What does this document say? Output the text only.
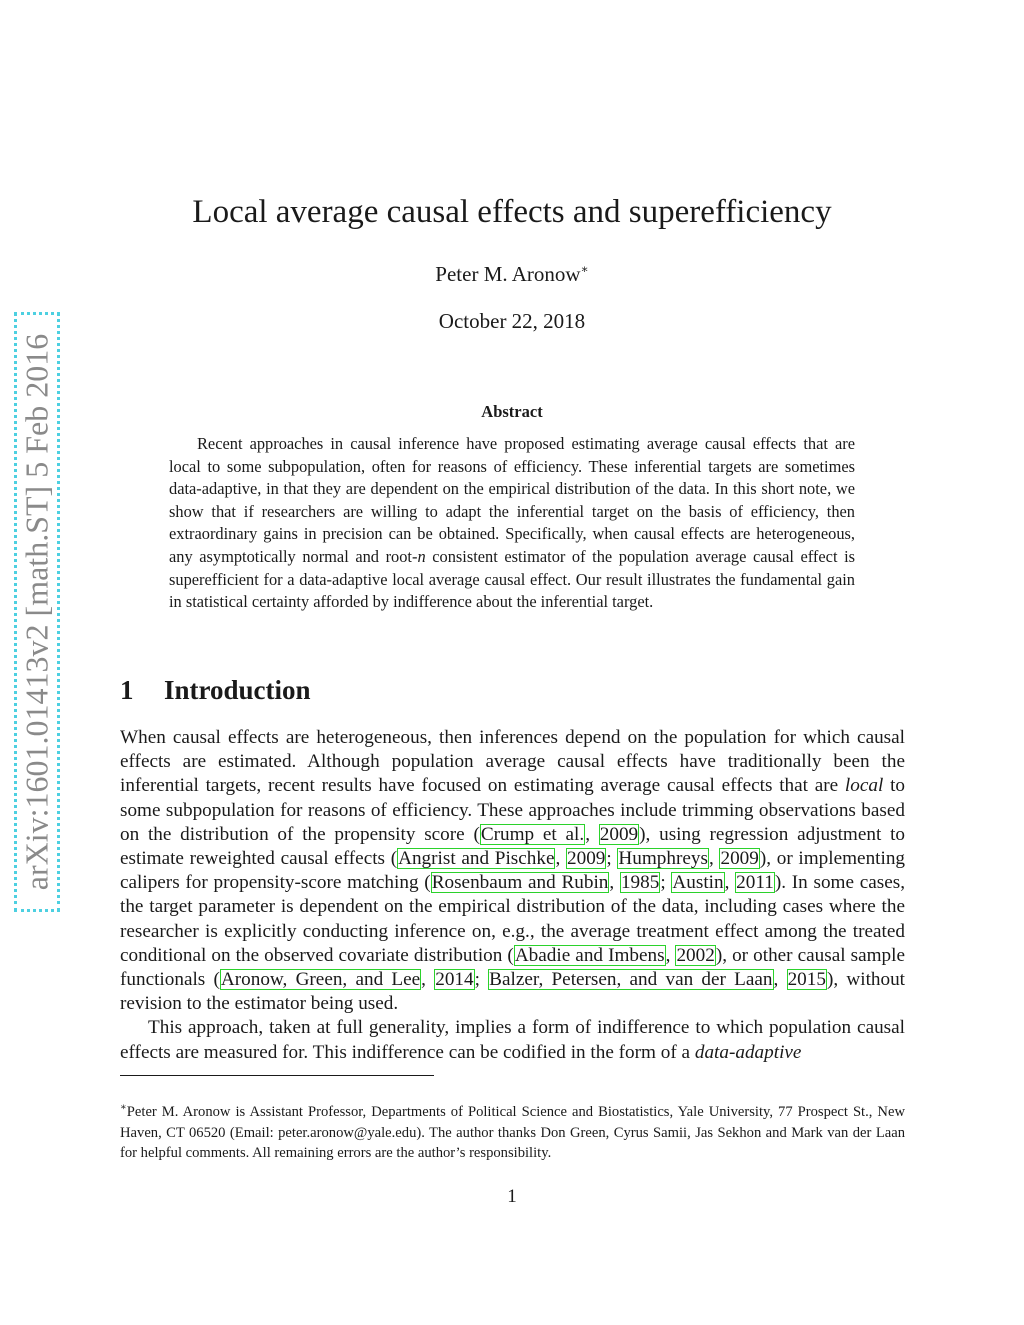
arXiv:1601.01413v2 [math.ST] 5 Feb 2016
Local average causal effects and superefficiency
Peter M. Aronow∗
October 22, 2018
Abstract
Recent approaches in causal inference have proposed estimating average causal effects that are local to some subpopulation, often for reasons of efficiency. These inferential targets are sometimes data-adaptive, in that they are dependent on the empirical distribution of the data. In this short note, we show that if researchers are willing to adapt the inferential target on the basis of efficiency, then extraordinary gains in precision can be obtained. Specifically, when causal effects are heterogeneous, any asymptotically normal and root-n consistent estimator of the population average causal effect is superefficient for a data-adaptive local average causal effect. Our result illustrates the fundamental gain in statistical certainty afforded by indifference about the inferential target.
1 Introduction

When causal effects are heterogeneous, then inferences depend on the population for which causal effects are estimated. Although population average causal effects have traditionally been the inferential targets, recent results have focused on estimating average causal effects that are local to some subpopulation for reasons of efficiency. These approaches include trimming observations based on the distribution of the propensity score (Crump et al., 2009), using regression adjustment to estimate reweighted causal effects (Angrist and Pischke, 2009; Humphreys, 2009), or implementing calipers for propensity-score matching (Rosenbaum and Rubin, 1985; Austin, 2011). In some cases, the target parameter is dependent on the empirical distribution of the data, including cases where the researcher is explicitly conducting inference on, e.g., the average treatment effect among the treated conditional on the observed covariate distribution (Abadie and Imbens, 2002), or other causal sample functionals (Aronow, Green, and Lee, 2014; Balzer, Petersen, and van der Laan, 2015), without revision to the estimator being used.

This approach, taken at full generality, implies a form of indifference to which population causal effects are measured for. This indifference can be codified in the form of a data-adaptive

∗Peter M. Aronow is Assistant Professor, Departments of Political Science and Biostatistics, Yale University, 77 Prospect St., New Haven, CT 06520 (Email: peter.aronow@yale.edu). The author thanks Don Green, Cyrus Samii, Jas Sekhon and Mark van der Laan for helpful comments. All remaining errors are the author’s responsibility.
1
